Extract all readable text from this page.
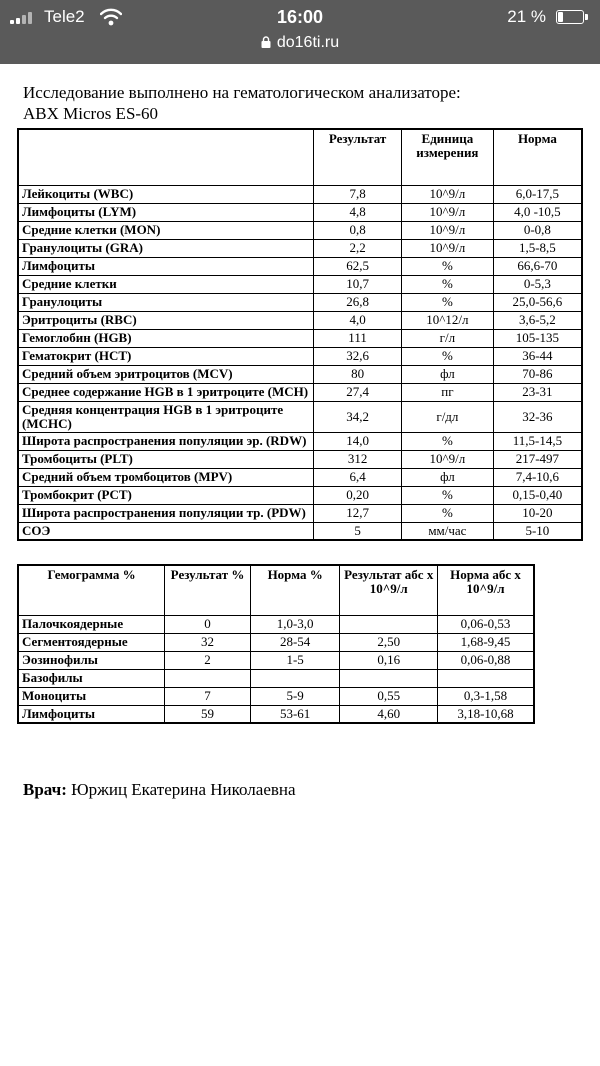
Tele2	16:00	21 %
do16ti.ru
Исследование выполнено на гематологическом анализаторе:
ABX Micros ES-60
	Результат	Единица измерения	Норма
Лейкоциты (WBC)	7,8	10^9/л	6,0-17,5
Лимфоциты (LYM)	4,8	10^9/л	4,0 -10,5
Средние клетки (MON)	0,8	10^9/л	0-0,8
Гранулоциты (GRA)	2,2	10^9/л	1,5-8,5
Лимфоциты	62,5	%	66,6-70
Средние клетки	10,7	%	0-5,3
Гранулоциты	26,8	%	25,0-56,6
Эритроциты (RBC)	4,0	10^12/л	3,6-5,2
Гемоглобин (HGB)	111	г/л	105-135
Гематокрит (НСТ)	32,6	%	36-44
Средний объем эритроцитов (MCV)	80	фл	70-86
Среднее содержание HGB в 1 эритроците (MCH)	27,4	пг	23-31
Средняя концентрация HGB в 1 эритроците (MCHC)	34,2	г/дл	32-36
Широта распространения популяции эр. (RDW)	14,0	%	11,5-14,5
Тромбоциты (PLT)	312	10^9/л	217-497
Средний объем тромбоцитов (MPV)	6,4	фл	7,4-10,6
Тромбокрит (PCT)	0,20	%	0,15-0,40
Широта распространения популяции тр. (PDW)	12,7	%	10-20
СОЭ	5	мм/час	5-10
Гемограмма %	Результат %	Норма %	Результат абс х 10^9/л	Норма абс х 10^9/л
Палочкоядерные	0	1,0-3,0		0,06-0,53
Сегментоядерные	32	28-54	2,50	1,68-9,45
Эозинофилы	2	1-5	0,16	0,06-0,88
Базофилы				
Моноциты	7	5-9	0,55	0,3-1,58
Лимфоциты	59	53-61	4,60	3,18-10,68
Врач: Юржиц Екатерина Николаевна
